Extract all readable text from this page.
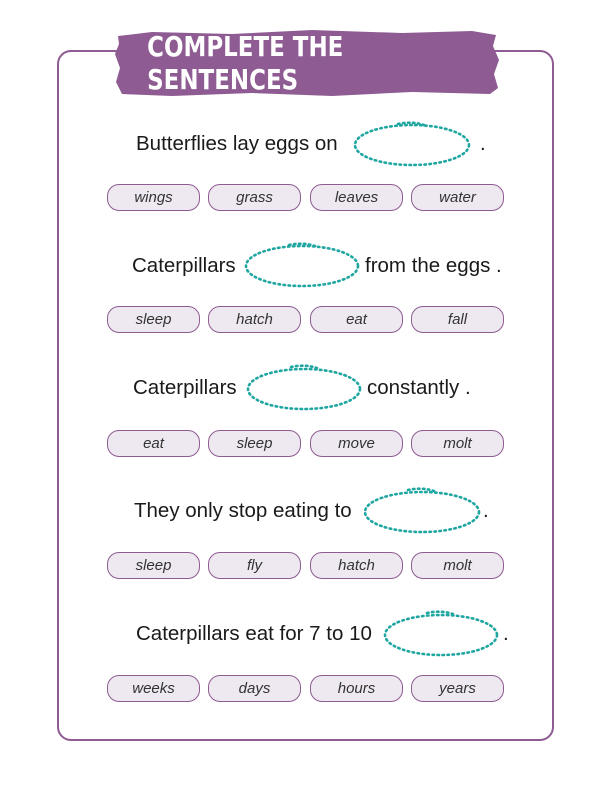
COMPLETE THE SENTENCES
Butterflies lay eggs on	.
wings	grass	leaves	water
Caterpillars	from the eggs .
sleep	hatch	eat	fall
Caterpillars	constantly .
eat	sleep	move	molt
They only stop eating to	.
sleep	fly	hatch	molt
Caterpillars eat for 7 to 10	.
weeks	days	hours	years
